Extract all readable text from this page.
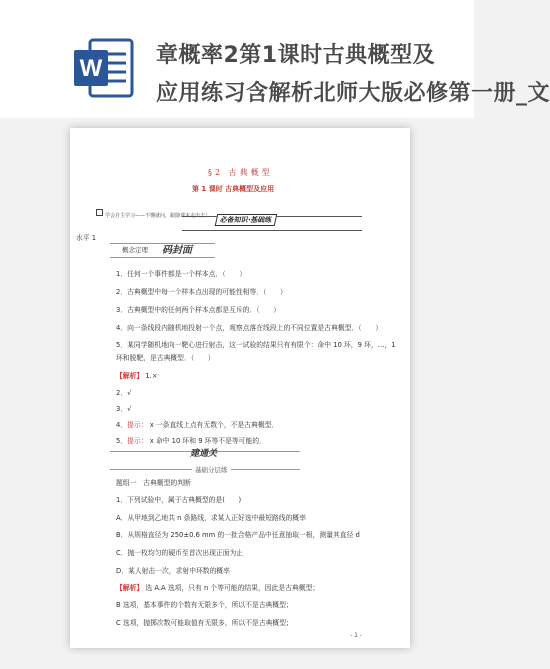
W 章概率2第1课时古典概型及
应用练习含解析北师大版必修第一册_文
§2 古典概型
第 1 课时 古典概型及应用
学会自主学习——不懂就问，跟随课本走出去！	必备知识·基础练
水平 1
概念定理 码封面
1．任何一个事件都是一个样本点．（　　）
2．古典概型中每一个样本点出现的可能性相等．（　　）
3．古典概型中的任何两个样本点都是互斥的．（　　）
4．向一条线段内随机地投射一个点，观察点落在线段上的不同位置是古典概型．（　　）
5．某同学随机地向一靶心进行射击，这一试验的结果只有有限个：命中 10 环，9 环，…，1
环和脱靶，是古典概型．（　　）
【解析】 1.×
2．√
3．√
4．提示： x 一条直线上点有无数个，不是古典概型．
5．提示： x 命中 10 环和 9 环等不是等可能的．
建通关
基础分层练
题组一　古典概型的判断
1．下列试验中，属于古典概型的是(　　)
A．从甲地到乙地共 n 条路线，求某人正好选中最短路线的概率
B．从规格直径为 250±0.6 mm 的一批合格产品中任意抽取一根，测量其直径 d
C．抛一枚均匀的硬币至首次出现正面为止
D．某人射击一次，求射中环数的概率
【解析】 选 A.A 选项，只有 n 个等可能的结果，因此是古典概型；
B 选项，基本事件的个数有无限多个，所以不是古典概型；
C 选项，抛掷次数可能取值有无限多，所以不是古典概型；
- 1 -
